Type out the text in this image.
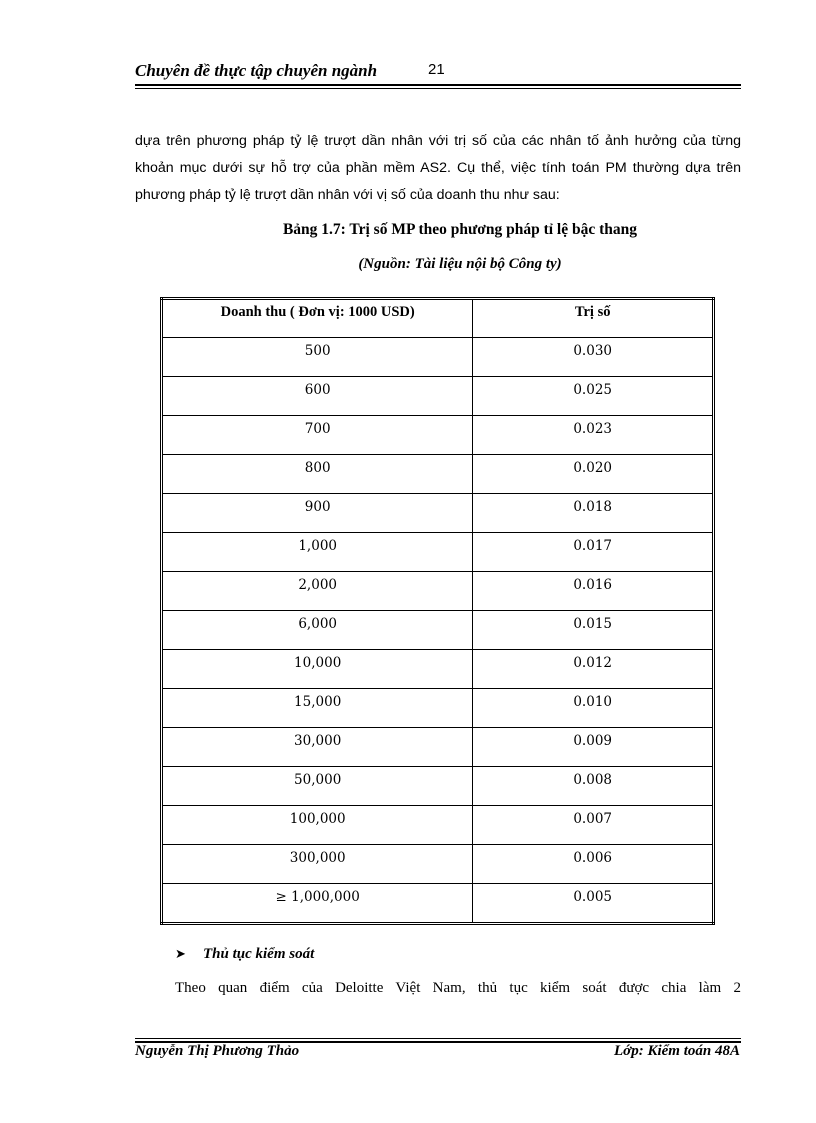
Chuyên đề thực tập chuyên ngành	21

dựa trên phương pháp tỷ lệ trượt dần nhân với trị số của các nhân tố ảnh hưởng của từng khoản mục dưới sự hỗ trợ của phần mềm AS2. Cụ thể, việc tính toán PM thường dựa trên phương pháp tỷ lệ trượt dần nhân với vị số của doanh thu như sau:

Bảng 1.7: Trị số MP theo phương pháp tỉ lệ bậc thang
(Nguồn: Tài liệu nội bộ Công ty)
Doanh thu ( Đơn vị: 1000 USD)	Trị số
500	0.030
600	0.025
700	0.023
800	0.020
900	0.018
1,000	0.017
2,000	0.016
6,000	0.015
10,000	0.012
15,000	0.010
30,000	0.009
50,000	0.008
100,000	0.007
300,000	0.006
≥ 1,000,000	0.005
➤ Thủ tục kiểm soát
Theo quan điểm của Deloitte Việt Nam, thủ tục kiểm soát được chia làm 2
Nguyễn Thị Phương Thảo	Lớp: Kiểm toán 48A
